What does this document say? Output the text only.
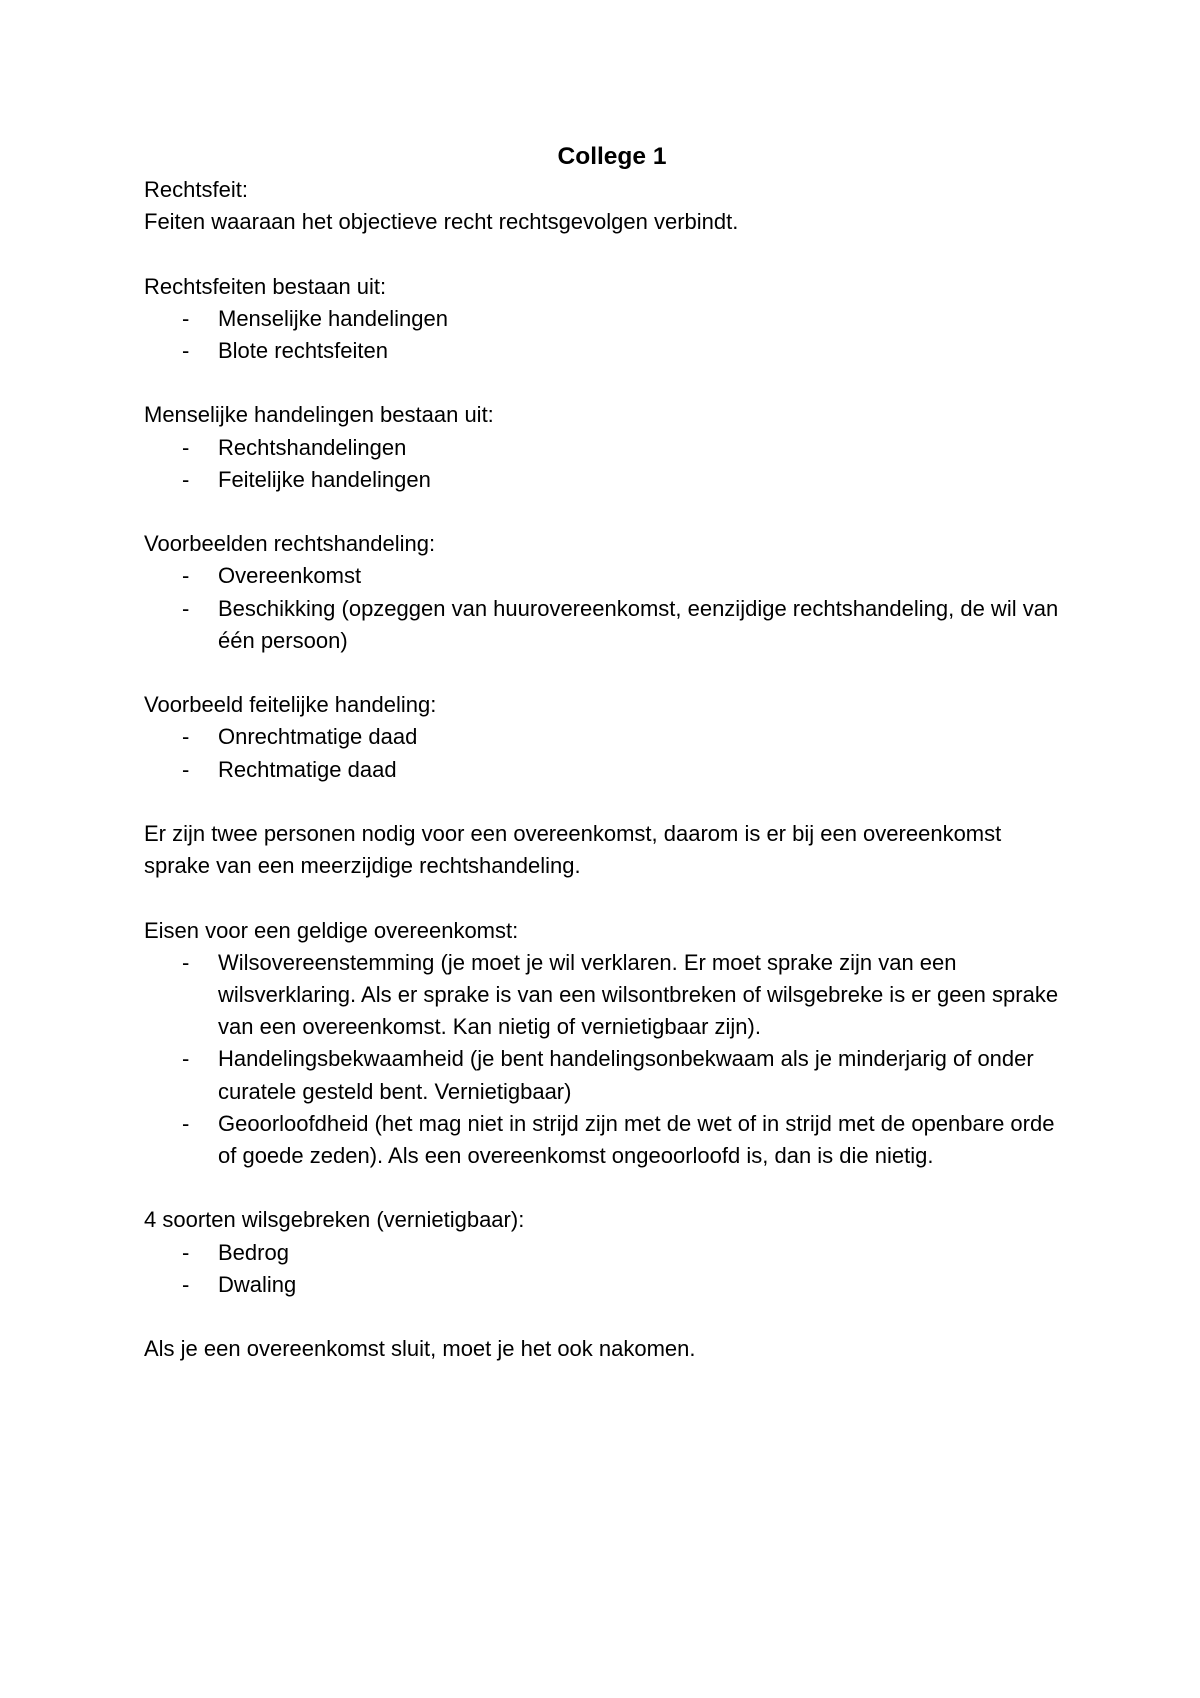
College 1

Rechtsfeit:

Feiten waaraan het objectieve recht rechtsgevolgen verbindt.

Rechtsfeiten bestaan uit:

- Menselijke handelingen
- Blote rechtsfeiten

Menselijke handelingen bestaan uit:

- Rechtshandelingen
- Feitelijke handelingen

Voorbeelden rechtshandeling:

- Overeenkomst
- Beschikking (opzeggen van huurovereenkomst, eenzijdige rechtshandeling, de wil van één persoon)

Voorbeeld feitelijke handeling:

- Onrechtmatige daad
- Rechtmatige daad

Er zijn twee personen nodig voor een overeenkomst, daarom is er bij een overeenkomst sprake van een meerzijdige rechtshandeling.

Eisen voor een geldige overeenkomst:

- Wilsovereenstemming (je moet je wil verklaren. Er moet sprake zijn van een wilsverklaring. Als er sprake is van een wilsontbreken of wilsgebreke is er geen sprake van een overeenkomst. Kan nietig of vernietigbaar zijn).
- Handelingsbekwaamheid (je bent handelingsonbekwaam als je minderjarig of onder curatele gesteld bent. Vernietigbaar)
- Geoorloofdheid (het mag niet in strijd zijn met de wet of in strijd met de openbare orde of goede zeden). Als een overeenkomst ongeoorloofd is, dan is die nietig.

4 soorten wilsgebreken (vernietigbaar):

- Bedrog
- Dwaling

Als je een overeenkomst sluit, moet je het ook nakomen.
